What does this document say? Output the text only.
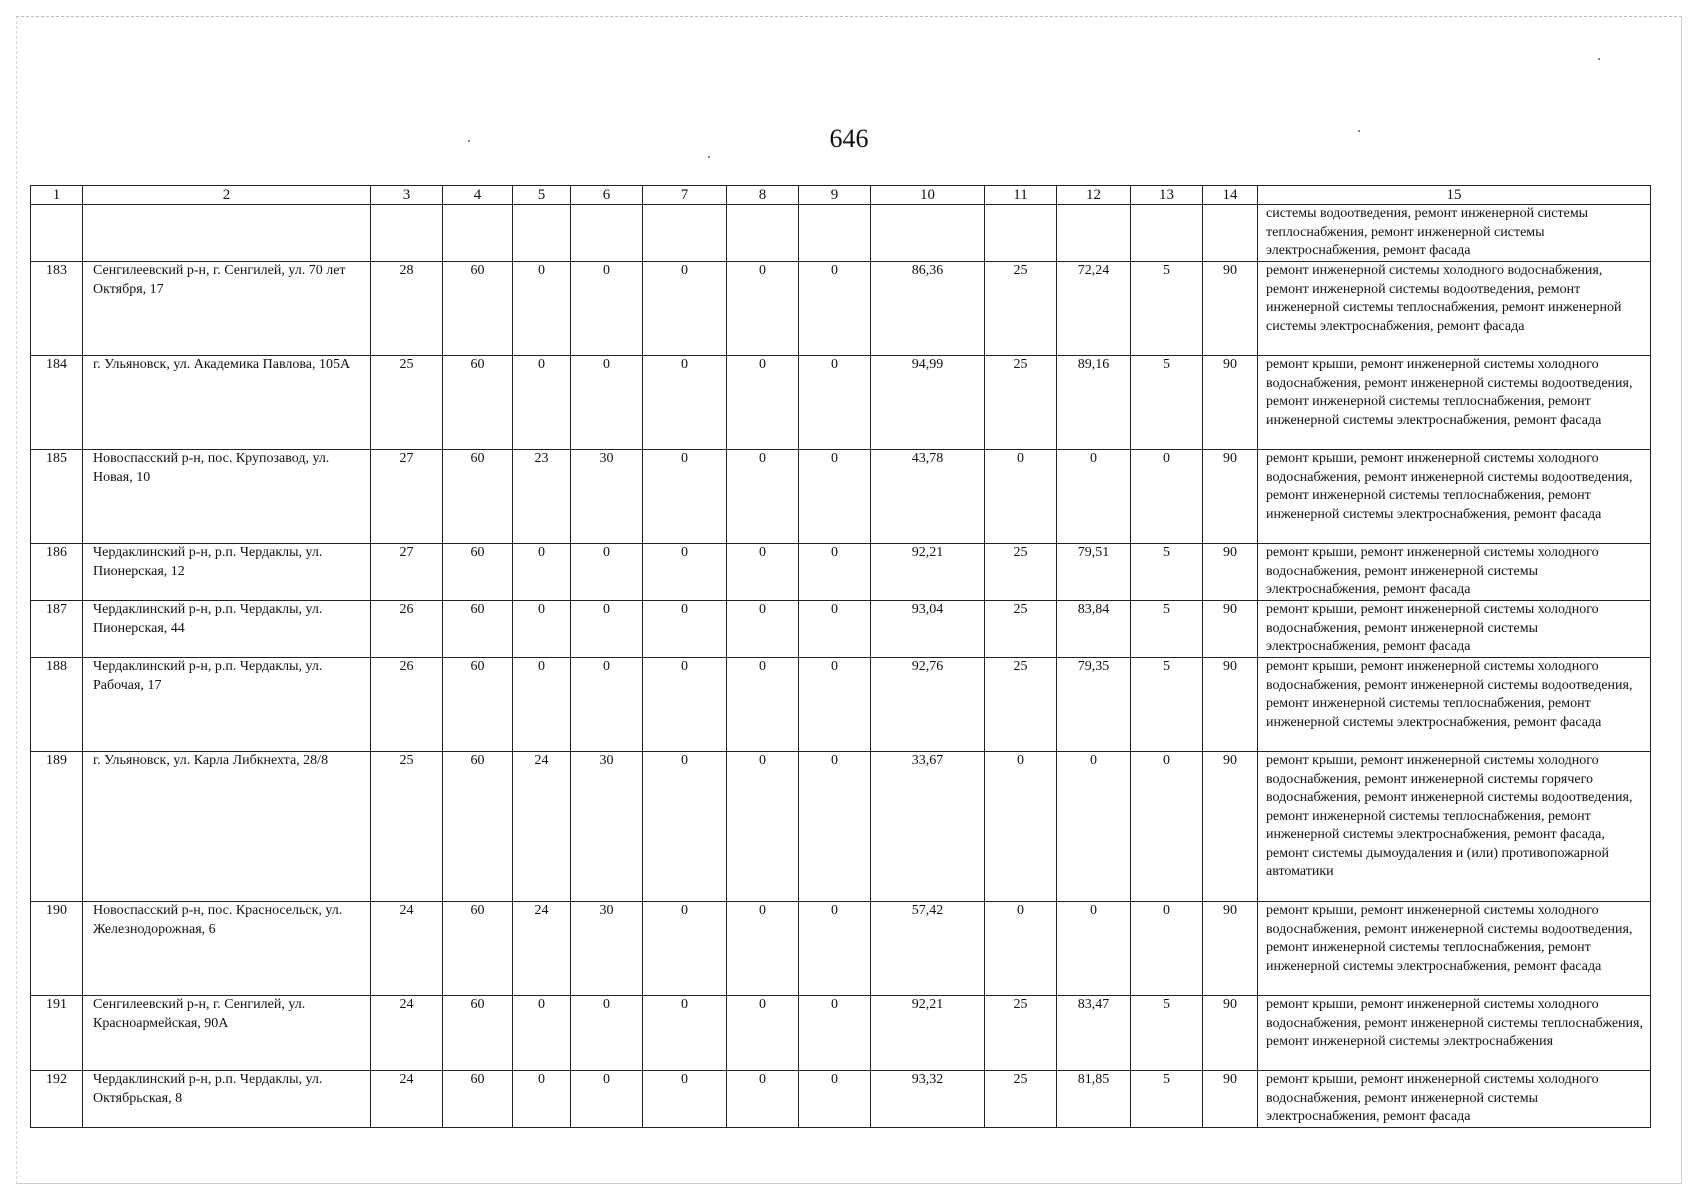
646
1	2	3	4	5	6	7	8	9	10	11	12	13	14	15
														системы водоотведения, ремонт инженерной системы теплоснабжения, ремонт инженерной системы электроснабжения, ремонт фасада
183	Сенгилеевский р-н, г. Сенгилей, ул. 70 лет Октября, 17	28	60	0	0	0	0	0	86,36	25	72,24	5	90	ремонт инженерной системы холодного водоснабжения, ремонт инженерной системы водоотведения, ремонт инженерной системы теплоснабжения, ремонт инженерной системы электроснабжения, ремонт фасада
184	г. Ульяновск, ул. Академика Павлова, 105А	25	60	0	0	0	0	0	94,99	25	89,16	5	90	ремонт крыши, ремонт инженерной системы холодного водоснабжения, ремонт инженерной системы водоотведения, ремонт инженерной системы теплоснабжения, ремонт инженерной системы электроснабжения, ремонт фасада
185	Новоспасский р-н, пос. Крупозавод, ул. Новая, 10	27	60	23	30	0	0	0	43,78	0	0	0	90	ремонт крыши, ремонт инженерной системы холодного водоснабжения, ремонт инженерной системы водоотведения, ремонт инженерной системы теплоснабжения, ремонт инженерной системы электроснабжения, ремонт фасада
186	Чердаклинский р-н, р.п. Чердаклы, ул. Пионерская, 12	27	60	0	0	0	0	0	92,21	25	79,51	5	90	ремонт крыши, ремонт инженерной системы холодного водоснабжения, ремонт инженерной системы электроснабжения, ремонт фасада
187	Чердаклинский р-н, р.п. Чердаклы, ул. Пионерская, 44	26	60	0	0	0	0	0	93,04	25	83,84	5	90	ремонт крыши, ремонт инженерной системы холодного водоснабжения, ремонт инженерной системы электроснабжения, ремонт фасада
188	Чердаклинский р-н, р.п. Чердаклы, ул. Рабочая, 17	26	60	0	0	0	0	0	92,76	25	79,35	5	90	ремонт крыши, ремонт инженерной системы холодного водоснабжения, ремонт инженерной системы водоотведения, ремонт инженерной системы теплоснабжения, ремонт инженерной системы электроснабжения, ремонт фасада
189	г. Ульяновск, ул. Карла Либкнехта, 28/8	25	60	24	30	0	0	0	33,67	0	0	0	90	ремонт крыши, ремонт инженерной системы холодного водоснабжения, ремонт инженерной системы горячего водоснабжения, ремонт инженерной системы водоотведения, ремонт инженерной системы теплоснабжения, ремонт инженерной системы электроснабжения, ремонт фасада, ремонт системы дымоудаления и (или) противопожарной автоматики
190	Новоспасский р-н, пос. Красносельск, ул. Железнодорожная, 6	24	60	24	30	0	0	0	57,42	0	0	0	90	ремонт крыши, ремонт инженерной системы холодного водоснабжения, ремонт инженерной системы водоотведения, ремонт инженерной системы теплоснабжения, ремонт инженерной системы электроснабжения, ремонт фасада
191	Сенгилеевский р-н, г. Сенгилей, ул. Красноармейская, 90А	24	60	0	0	0	0	0	92,21	25	83,47	5	90	ремонт крыши, ремонт инженерной системы холодного водоснабжения, ремонт инженерной системы теплоснабжения, ремонт инженерной системы электроснабжения
192	Чердаклинский р-н, р.п. Чердаклы, ул. Октябрьская, 8	24	60	0	0	0	0	0	93,32	25	81,85	5	90	ремонт крыши, ремонт инженерной системы холодного водоснабжения, ремонт инженерной системы электроснабжения, ремонт фасада
